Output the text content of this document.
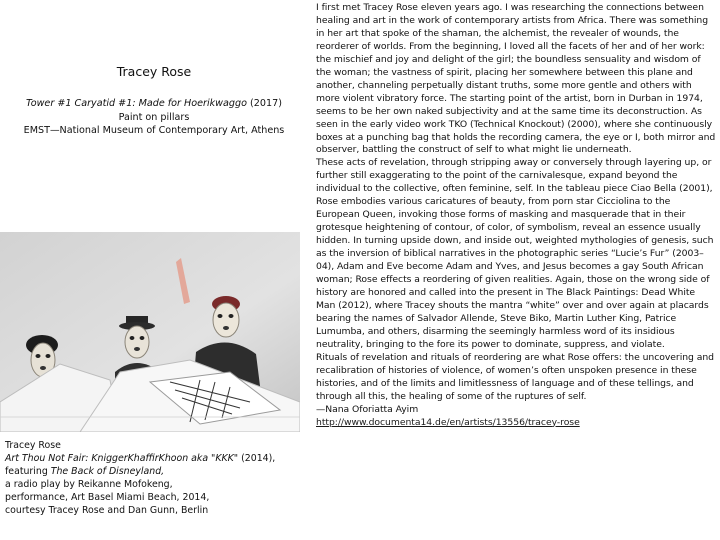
Tracey Rose

Tower #1 Caryatid #1: Made for Hoerikwaggo (2017)

Paint on pillars

EMST—National Museum of Contemporary Art, Athens

Tracey Rose
Art Thou Not Fair: KniggerKhaffirKhoon aka "KKK" (2014),
featuring The Back of Disneyland,
a radio play by Reikanne Mofokeng,
performance, Art Basel Miami Beach, 2014,
courtesy Tracey Rose and Dan Gunn, Berlin

I first met Tracey Rose eleven years ago. I was researching the connections between healing and art in the work of contemporary artists from Africa. There was something in her art that spoke of the shaman, the alchemist, the revealer of wounds, the reorderer of worlds. From the beginning, I loved all the facets of her and of her work: the mischief and joy and delight of the girl; the boundless sensuality and wisdom of the woman; the vastness of spirit, placing her somewhere between this plane and another, channeling perpetually distant truths, some more gentle and others with more violent vibratory force. The starting point of the artist, born in Durban in 1974, seems to be her own naked subjectivity and at the same time its deconstruction. As seen in the early video work TKO (Technical Knockout) (2000), where she continuously boxes at a punching bag that holds the recording camera, the eye or I, both mirror and observer, battling the construct of self to what might lie underneath.

These acts of revelation, through stripping away or conversely through layering up, or further still exaggerating to the point of the carnivalesque, expand beyond the individual to the collective, often feminine, self. In the tableau piece Ciao Bella (2001), Rose embodies various caricatures of beauty, from porn star Cicciolina to the European Queen, invoking those forms of masking and masquerade that in their grotesque heightening of contour, of color, of symbolism, reveal an essence usually hidden. In turning upside down, and inside out, weighted mythologies of genesis, such as the inversion of biblical narratives in the photographic series “Lucie’s Fur” (2003–04), Adam and Eve become Adam and Yves, and Jesus becomes a gay South African woman; Rose effects a reordering of given realities. Again, those on the wrong side of history are honored and called into the present in The Black Paintings: Dead White Man (2012), where Tracey shouts the mantra “white” over and over again at placards bearing the names of Salvador Allende, Steve Biko, Martin Luther King, Patrice Lumumba, and others, disarming the seemingly harmless word of its insidious neutrality, bringing to the fore its power to dominate, suppress, and violate.

Rituals of revelation and rituals of reordering are what Rose offers: the uncovering and recalibration of histories of violence, of women’s often unspoken presence in these histories, and of the limits and limitlessness of language and of these tellings, and through all this, the healing of some of the ruptures of self.

—Nana Oforiatta Ayim

http://www.documenta14.de/en/artists/13556/tracey-rose
